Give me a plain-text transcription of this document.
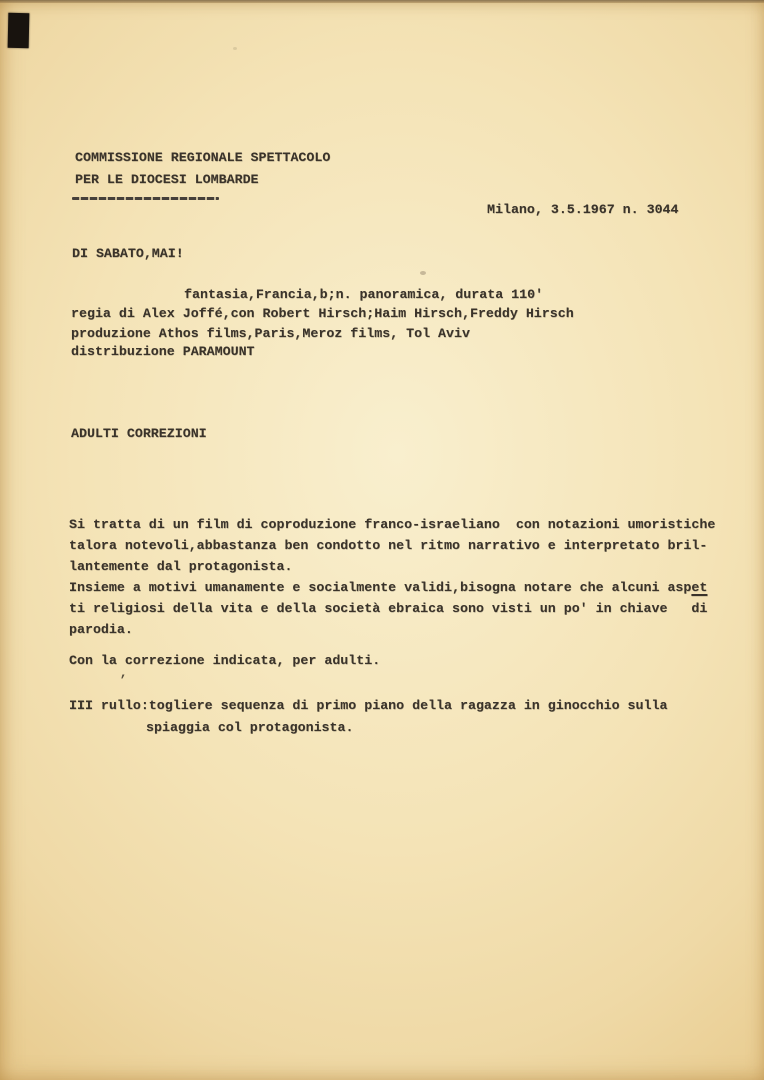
COMMISSIONE REGIONALE SPETTACOLO
PER LE DIOCESI LOMBARDE
Milano, 3.5.1967 n. 3044
DI SABATO,MAI!
fantasia,Francia,b;n. panoramica, durata 110'
regia di Alex Joffé,con Robert Hirsch;Haim Hirsch,Freddy Hirsch
produzione Athos films,Paris,Meroz films, Tol Aviv
distribuzione PARAMOUNT
ADULTI CORREZIONI
Si tratta di un film di coproduzione franco-israeliano  con notazioni umoristiche
talora notevoli,abbastanza ben condotto nel ritmo narrativo e interpretato bril-
lantemente dal protagonista.
Insieme a motivi umanamente e socialmente validi,bisogna notare che alcuni aspet
ti religiosi della vita e della società ebraica sono visti un po' in chiave   di
parodia.
Con la correzione indicata, per adulti.
’
III rullo:togliere sequenza di primo piano della ragazza in ginocchio sulla
spiaggia col protagonista.
